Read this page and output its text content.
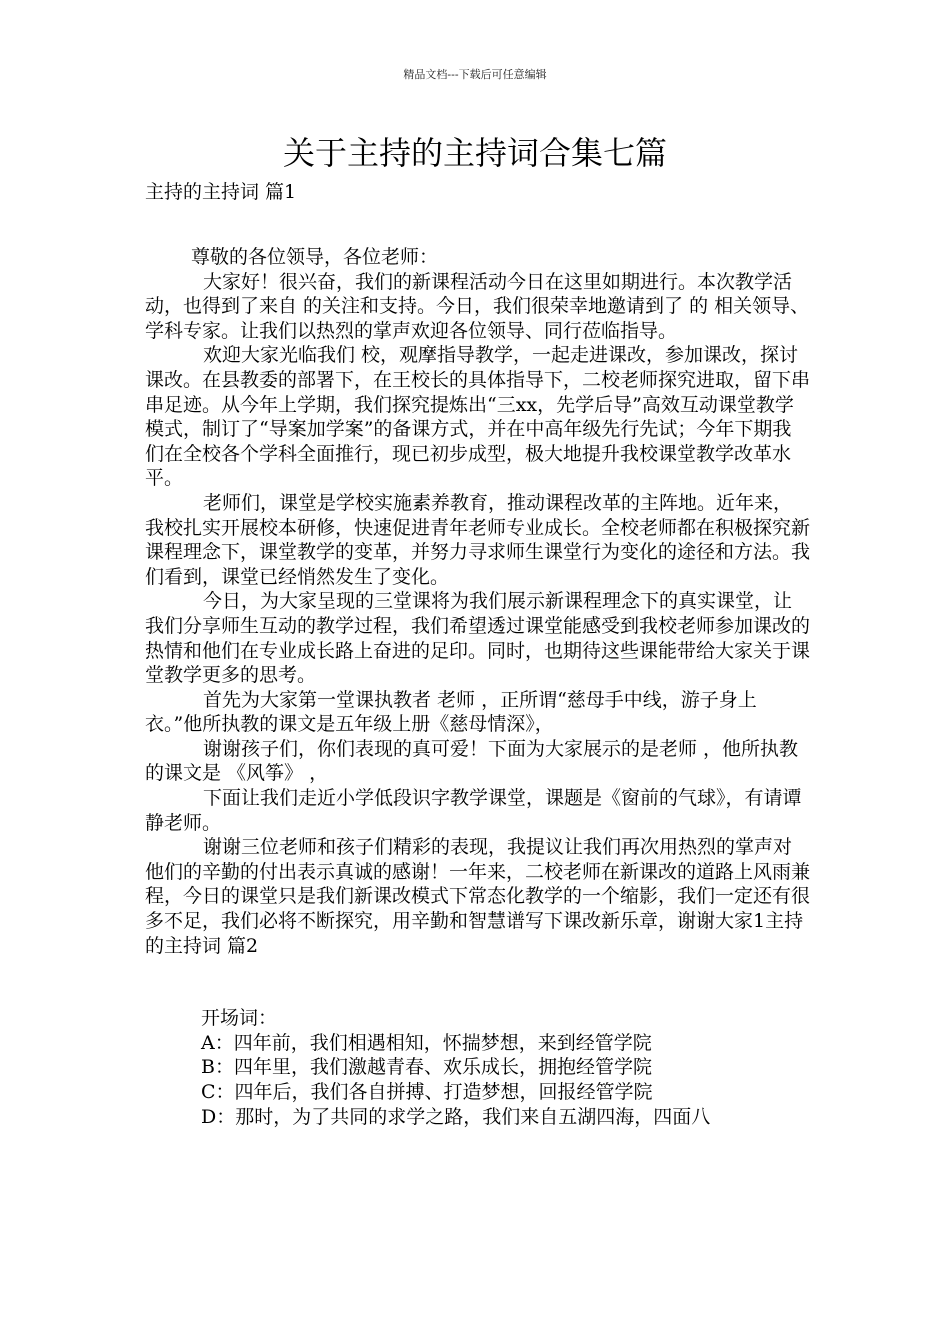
精品文档---下载后可任意编辑
关于主持的主持词合集七篇
主持的主持词 篇1

尊敬的各位领导，各位老师：

大家好！很兴奋，我们的新课程活动今日在这里如期进行。本次教学活动，也得到了来自 的关注和支持。今日，我们很荣幸地邀请到了 的 相关领导、学科专家。让我们以热烈的掌声欢迎各位领导、同行莅临指导。

欢迎大家光临我们 校，观摩指导教学，一起走进课改，参加课改，探讨课改。在县教委的部署下，在王校长的具体指导下，二校老师探究进取，留下串串足迹。从今年上学期，我们探究提炼出“三xx，先学后导”高效互动课堂教学模式，制订了“导案加学案”的备课方式，并在中高年级先行先试；今年下期我们在全校各个学科全面推行，现已初步成型，极大地提升我校课堂教学改革水平。

老师们，课堂是学校实施素养教育，推动课程改革的主阵地。近年来，我校扎实开展校本研修，快速促进青年老师专业成长。全校老师都在积极探究新课程理念下，课堂教学的变革，并努力寻求师生课堂行为变化的途径和方法。我们看到，课堂已经悄然发生了变化。

今日，为大家呈现的三堂课将为我们展示新课程理念下的真实课堂，让我们分享师生互动的教学过程，我们希望透过课堂能感受到我校老师参加课改的热情和他们在专业成长路上奋进的足印。同时，也期待这些课能带给大家关于课堂教学更多的思考。

首先为大家第一堂课执教者 老师 ，正所谓“慈母手中线，游子身上衣。”他所执教的课文是五年级上册《慈母情深》，

谢谢孩子们，你们表现的真可爱！下面为大家展示的是老师 ，他所执教的课文是 《风筝》 ，

下面让我们走近小学低段识字教学课堂，课题是《窗前的气球》，有请谭静老师。

谢谢三位老师和孩子们精彩的表现，我提议让我们再次用热烈的掌声对他们的辛勤的付出表示真诚的感谢！一年来，二校老师在新课改的道路上风雨兼程，今日的课堂只是我们新课改模式下常态化教学的一个缩影，我们一定还有很多不足，我们必将不断探究，用辛勤和智慧谱写下课改新乐章，谢谢大家1主持的主持词 篇2

开场词：

A：四年前，我们相遇相知，怀揣梦想，来到经管学院

B：四年里，我们激越青春、欢乐成长，拥抱经管学院

C：四年后，我们各自拼搏、打造梦想，回报经管学院

D：那时，为了共同的求学之路，我们来自五湖四海，四面八
